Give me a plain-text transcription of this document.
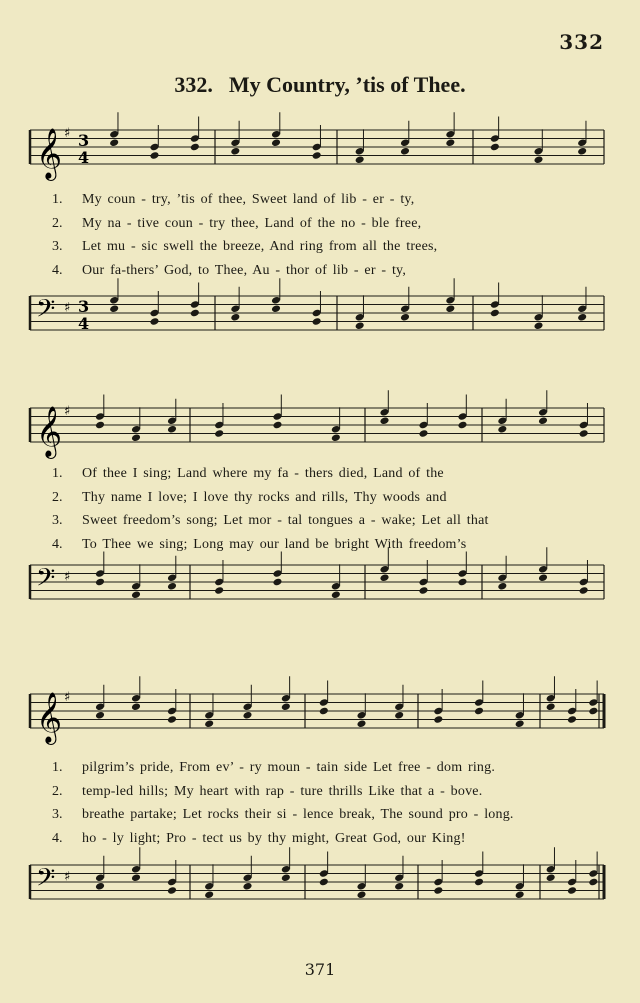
332
332. My Country, ’tis of Thee.
𝄞 ♯ 3
4
1.	My coun - try, ’tis of thee, Sweet land of lib - er - ty,
2.	My na - tive coun - try thee, Land of the no - ble free,
3.	Let mu - sic swell the breeze, And ring from all the trees,
4.	Our fa-thers’ God, to Thee, Au - thor of lib - er - ty,
𝄢 ♯ 3
4
𝄞 ♯
1.	Of thee I sing; Land where my fa - thers died, Land of the
2.	Thy name I love; I love thy rocks and rills, Thy woods and
3.	Sweet freedom’s song; Let mor - tal tongues a - wake; Let all that
4.	To Thee we sing; Long may our land be bright With freedom’s
𝄢 ♯
𝄞 ♯
1.	pilgrim’s pride, From ev’ - ry moun - tain side Let free - dom ring.
2.	temp-led hills; My heart with rap - ture thrills Like that a - bove.
3.	breathe partake; Let rocks their si - lence break, The sound pro - long.
4.	ho - ly light; Pro - tect us by thy might, Great God, our King!
𝄢 ♯
371
